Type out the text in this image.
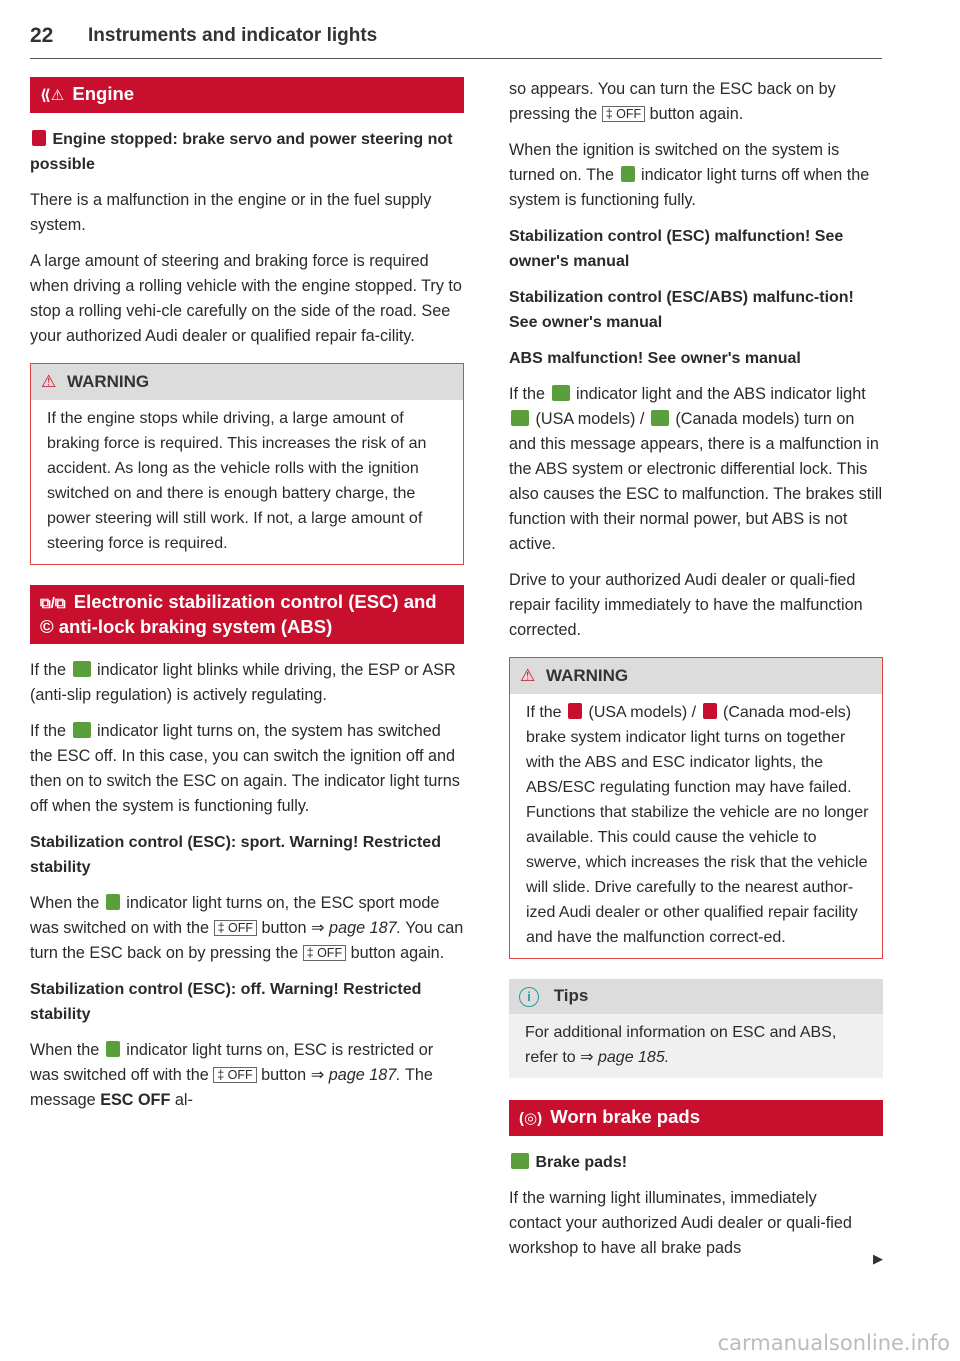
22 Instruments and indicator lights
⟪⚠ Engine
Engine stopped: brake servo and power steering not possible

There is a malfunction in the engine or in the fuel supply system.

A large amount of steering and braking force is required when driving a rolling vehicle with the engine stopped. Try to stop a rolling vehi-cle carefully on the side of the road. See your authorized Audi dealer or qualified repair fa-cility.

⚠ WARNING
If the engine stops while driving, a large amount of braking force is required. This increases the risk of an accident. As long as the vehicle rolls with the ignition switched on and there is enough battery charge, the power steering will still work. If not, a large amount of steering force is required.
⧉/⧉ Electronic stabilization control (ESC) and © anti-lock braking system (ABS)

If the indicator light blinks while driving, the ESP or ASR (anti-slip regulation) is actively regulating.

If the indicator light turns on, the system has switched the ESC off. In this case, you can switch the ignition off and then on to switch the ESC on again. The indicator light turns off when the system is functioning fully.

Stabilization control (ESC): sport. Warning! Restricted stability

When the indicator light turns on, the ESC sport mode was switched on with the ‡ OFF button ⇒ page 187. You can turn the ESC back on by pressing the ‡ OFF button again.

Stabilization control (ESC): off. Warning! Restricted stability

When the indicator light turns on, ESC is restricted or was switched off with the ‡ OFF button ⇒ page 187. The message ESC OFF al-

so appears. You can turn the ESC back on by pressing the ‡ OFF button again.

When the ignition is switched on the system is turned on. The indicator light turns off when the system is functioning fully.

Stabilization control (ESC) malfunction! See owner's manual
Stabilization control (ESC/ABS) malfunc-tion! See owner's manual
ABS malfunction! See owner's manual

If the indicator light and the ABS indicator light  (USA models) / (Canada models) turn on and this message appears, there is a malfunction in the ABS system or electronic differential lock. This also causes the ESC to malfunction. The brakes still function with their normal power, but ABS is not active.

Drive to your authorized Audi dealer or quali-fied repair facility immediately to have the malfunction corrected.

⚠ WARNING
If the (USA models) / (Canada mod-els) brake system indicator light turns on together with the ABS and ESC indicator lights, the ABS/ESC regulating function may have failed. Functions that stabilize the vehicle are no longer available. This could cause the vehicle to swerve, which increases the risk that the vehicle will slide. Drive carefully to the nearest author-ized Audi dealer or other qualified repair facility and have the malfunction correct-ed.
i Tips
For additional information on ESC and ABS, refer to ⇒ page 185.
(◎) Worn brake pads
Brake pads!

If the warning light illuminates, immediately contact your authorized Audi dealer or quali-fied workshop to have all brake pads

▶
carmanualsonline.info
